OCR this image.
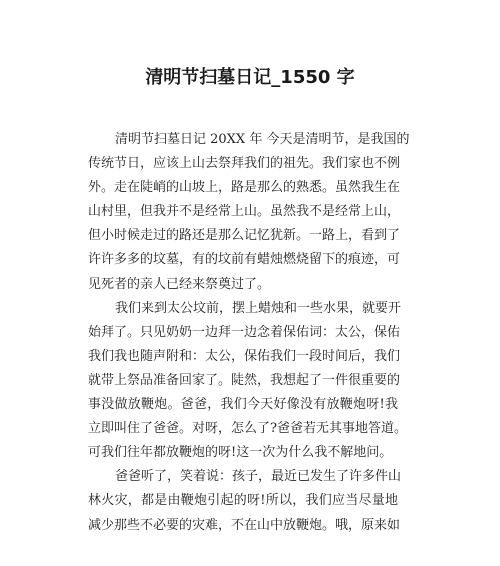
清明节扫墓日记_1550 字
清明节扫墓日记 20XX 年 今天是清明节，是我国的
传统节日，应该上山去祭拜我们的祖先。我们家也不例
外。走在陡峭的山坡上，路是那么的熟悉。虽然我生在
山村里，但我并不是经常上山。虽然我不是经常上山，
但小时候走过的路还是那么记忆犹新。一路上，看到了
许许多多的坟墓，有的坟前有蜡烛燃烧留下的痕迹，可
见死者的亲人已经来祭奠过了。
我们来到太公坟前，摆上蜡烛和一些水果，就要开
始拜了。只见奶奶一边拜一边念着保佑词：太公，保佑
我们我也随声附和：太公，保佑我们一段时间后，我们
就带上祭品准备回家了。陡然，我想起了一件很重要的
事没做放鞭炮。爸爸，我们今天好像没有放鞭炮呀!我
立即叫住了爸爸。对呀，怎么了?爸爸若无其事地答道。
可我们往年都放鞭炮的呀!这一次为什么我不解地问。
爸爸听了，笑着说：孩子，最近已发生了许多件山
林火灾，都是由鞭炮引起的呀!所以，我们应当尽量地
减少那些不必要的灾难，不在山中放鞭炮。哦，原来如
